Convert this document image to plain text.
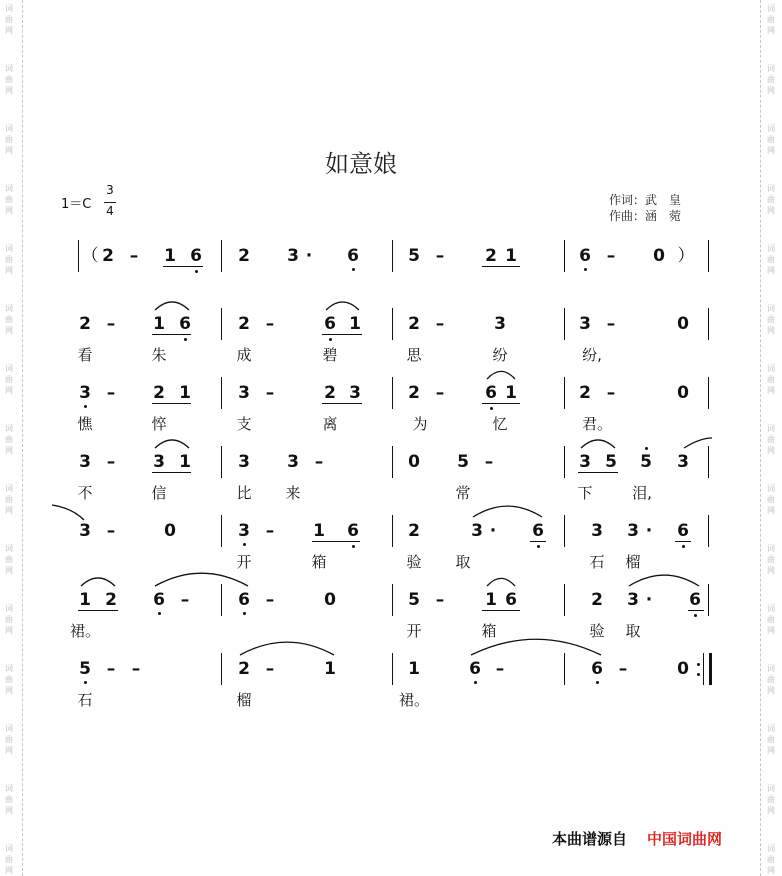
词
曲
网
词
曲
网
词
曲
网
词
曲
网
词
曲
网
词
曲
网
词
曲
网
词
曲
网
词
曲
网
词
曲
网
词
曲
网
词
曲
网
词
曲
网
词
曲
网
词
曲
网
词
曲
网
词
曲
网
词
曲
网
词
曲
网
词
曲
网
词
曲
网
词
曲
网
词
曲
网
词
曲
网
词
曲
网
词
曲
网
词
曲
网
词
曲
网
词
曲
网
词
曲
网
如意娘
1＝C
3
4
作词：武　皇
作曲：涵　菀
2 – 1 6 2 3 · 6	5 – 2 1	6 – 0
2 – 1 6	2 –	6 1	2 –	3	3 –	0
看	朱	成	碧	思	纷	纷,
3 – 2 1	3 –	2 3	2 – 6 1	2 –	0
憔	悴	支	离	为	忆	君。
3 – 3 1	3 3 –	0 5 –	3 5 5 3
不	信	比 来	常	下	泪,
3 –	0	3 – 1 6	2	3 · 6	3 3 · 6
开	箱	验 取	石 榴
1 2 6 –	6 –	0	5 – 1 6	2 3 · 6
裙。	开	箱	验 取
5 – –	2 –	1	1	6 –	6 –	0
石	榴	裙。
（	）
本曲谱源自 中国词曲网
